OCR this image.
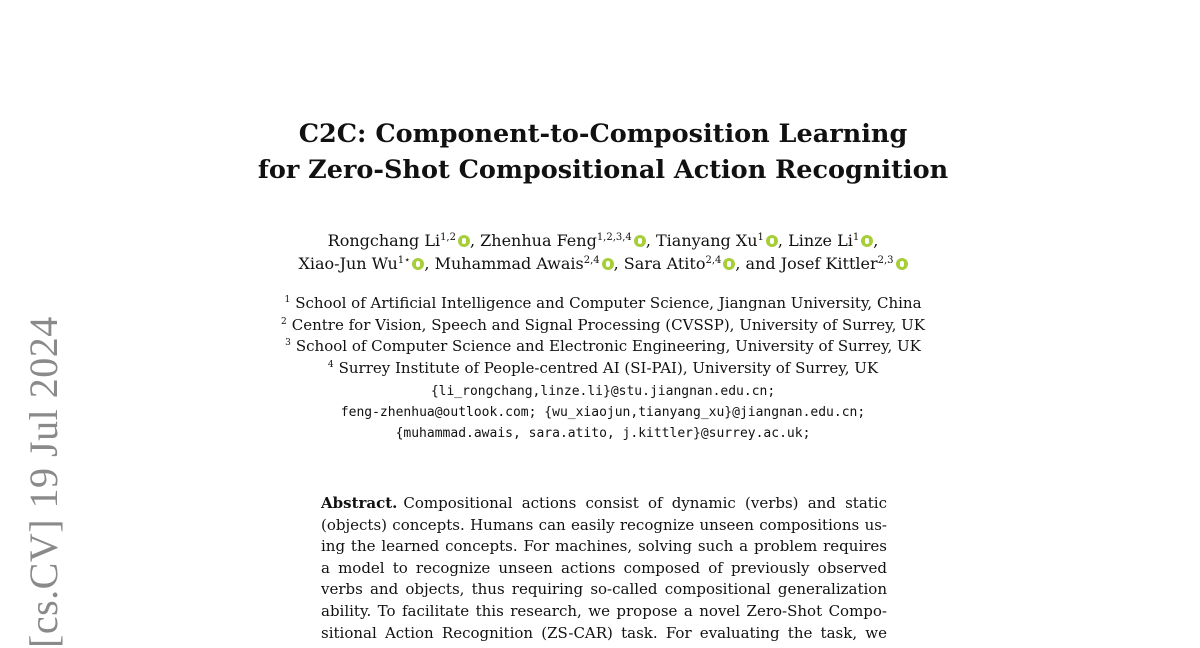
[cs.CV] 19 Jul 2024
C2C: Component-to-Composition Learning
for Zero-Shot Compositional Action Recognition
Rongchang Li$^{1,2}$ , Zhenhua Feng$^{1,2,3,4}$ , Tianyang Xu$^1$ , Linze Li$^1$ ,
Xiao-Jun $Wu^{1⋆}$ , Muhammad Awais$^{2,4}$ , Sara Atito$^{2,4}$ , and Josef Kittler$^{2,3}$
$^1$ School of Artificial Intelligence and Computer Science, Jiangnan University, China
$^2$ Centre for Vision, Speech and Signal Processing (CVSSP), University of Surrey, UK
$^3$ School of Computer Science and Electronic Engineering, University of Surrey, UK
$^4$ Surrey Institute of People-centred AI (SI-PAI), University of Surrey, UK
{li_rongchang,linze.li}@stu.jiangnan.edu.cn;
feng-zhenhua@outlook.com; {wu_xiaojun,tianyang_xu}@jiangnan.edu.cn;
{muhammad.awais, sara.atito, j.kittler}@surrey.ac.uk;
Abstract. Compositional actions consist of dynamic (verbs) and static
(objects) concepts. Humans can easily recognize unseen compositions us-
ing the learned concepts. For machines, solving such a problem requires
a model to recognize unseen actions composed of previously observed
verbs and objects, thus requiring so-called compositional generalization
ability. To facilitate this research, we propose a novel Zero-Shot Compo-
sitional Action Recognition (ZS-CAR) task. For evaluating the task, we
